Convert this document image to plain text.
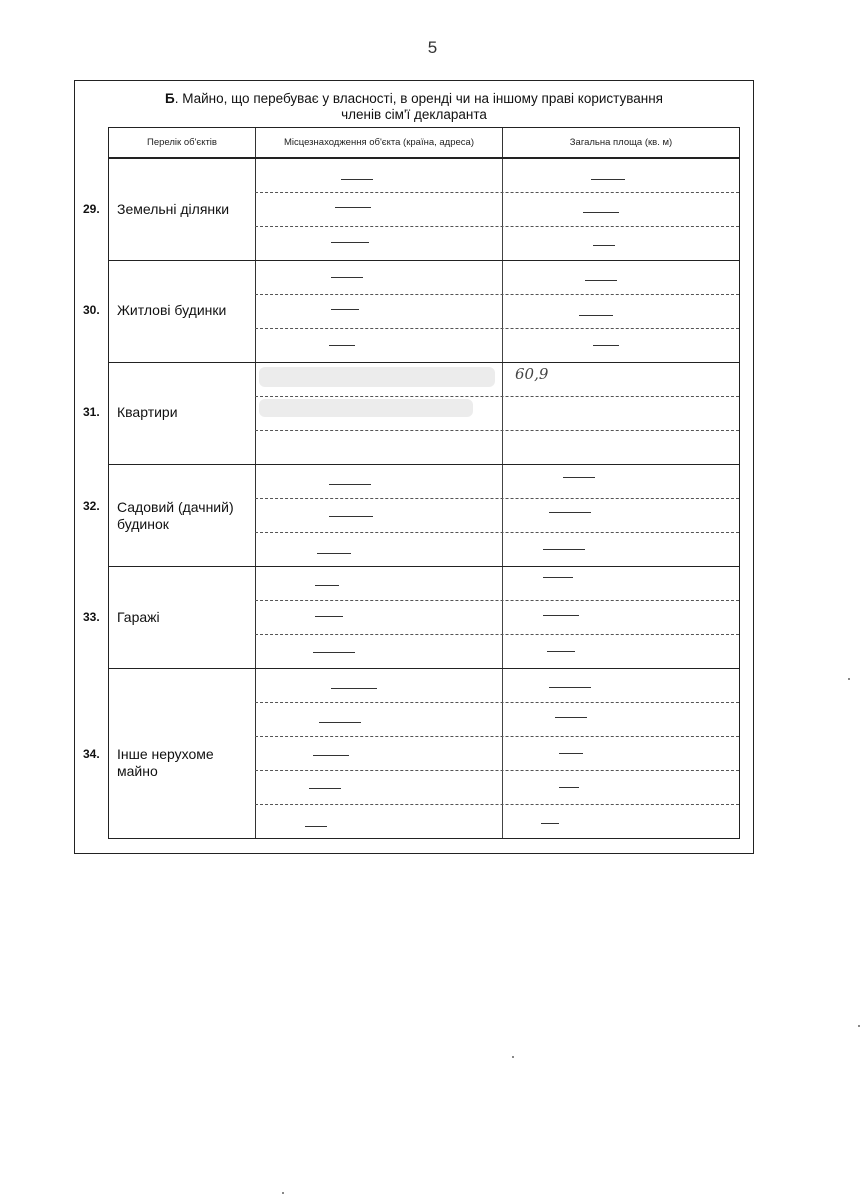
5
Б. Майно, що перебуває у власності, в оренді чи на іншому праві користування
членів сім'ї декларанта
Перелік об'єктів	Місцезнаходження об'єкта (країна, адреса)	Загальна площа (кв. м)
29. Земельні ділянки
30. Житлові будинки
31. Квартири
60,9
32. Садовий (дачний) будинок
33. Гаражі
34. Інше нерухоме майно
